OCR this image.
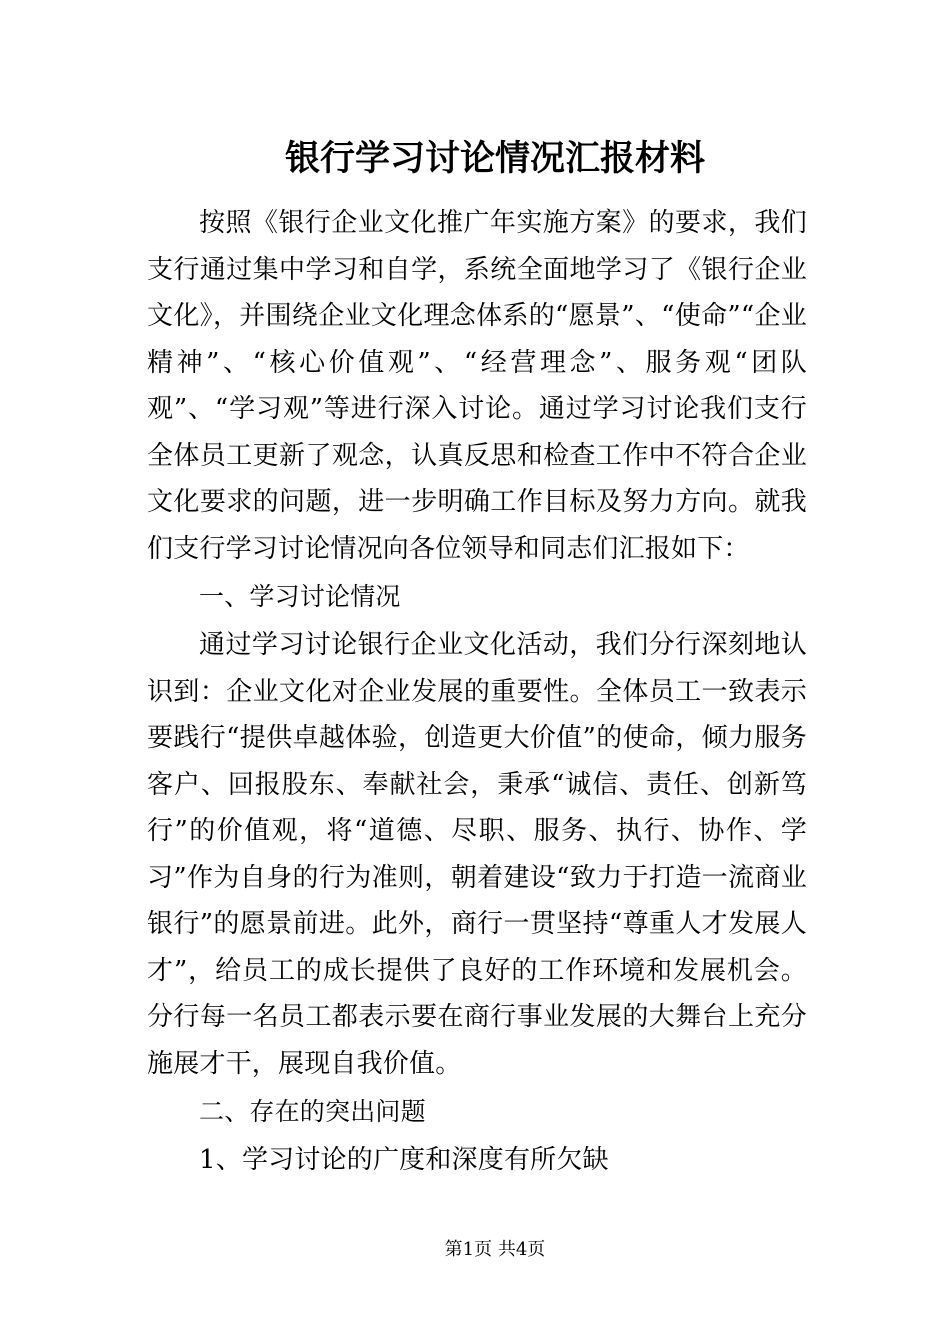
银行学习讨论情况汇报材料

按照《银行企业文化推广年实施方案》的要求，我们支行通过集中学习和自学，系统全面地学习了《银行企业文化》，并围绕企业文化理念体系的“愿景”、“使命”“企业精神”、“核心价值观”、“经营理念”、服务观“团队观”、“学习观”等进行深入讨论。通过学习讨论我们支行全体员工更新了观念，认真反思和检查工作中不符合企业文化要求的问题，进一步明确工作目标及努力方向。就我们支行学习讨论情况向各位领导和同志们汇报如下：

一、学习讨论情况

通过学习讨论银行企业文化活动，我们分行深刻地认识到：企业文化对企业发展的重要性。全体员工一致表示要践行“提供卓越体验，创造更大价值”的使命，倾力服务客户、回报股东、奉献社会，秉承“诚信、责任、创新笃行”的价值观，将“道德、尽职、服务、执行、协作、学习”作为自身的行为准则，朝着建设“致力于打造一流商业银行”的愿景前进。此外，商行一贯坚持“尊重人才发展人才”，给员工的成长提供了良好的工作环境和发展机会。分行每一名员工都表示要在商行事业发展的大舞台上充分施展才干，展现自我价值。

二、存在的突出问题

1、学习讨论的广度和深度有所欠缺

第1页 共4页
